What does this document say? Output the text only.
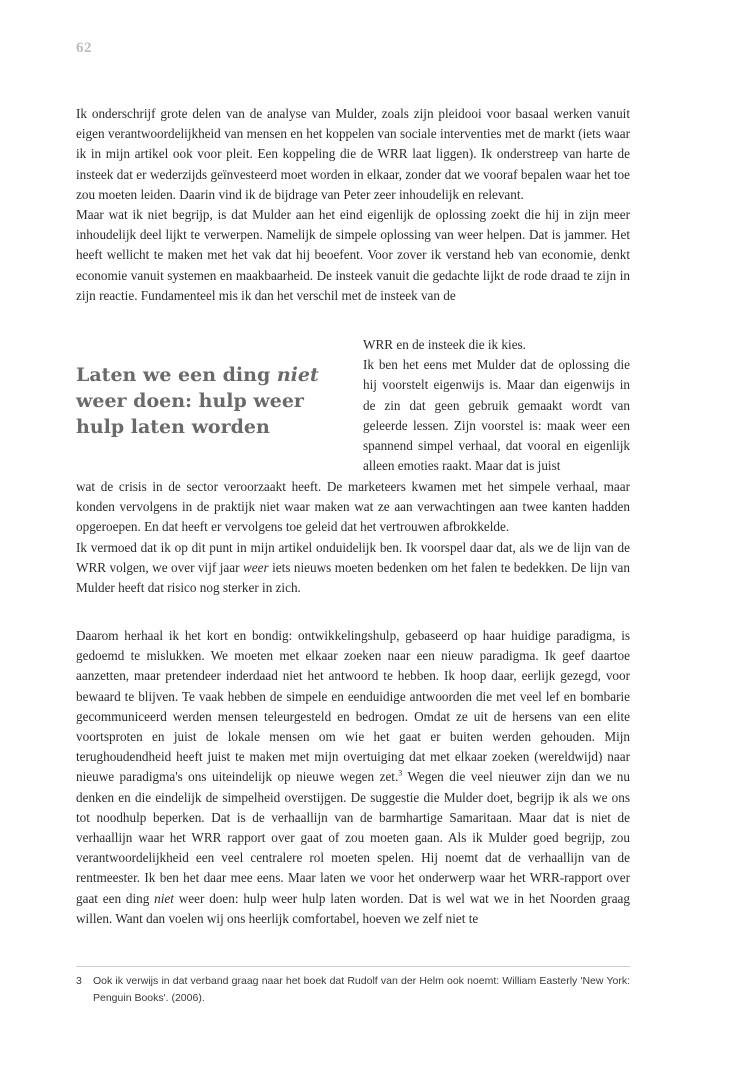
62

Ik onderschrijf grote delen van de analyse van Mulder, zoals zijn pleidooi voor basaal werken vanuit eigen verantwoordelijkheid van mensen en het koppelen van sociale interventies met de markt (iets waar ik in mijn artikel ook voor pleit. Een koppeling die de WRR laat liggen). Ik onderstreep van harte de insteek dat er wederzijds geïnvesteerd moet worden in elkaar, zonder dat we vooraf bepalen waar het toe zou moeten leiden. Daarin vind ik de bijdrage van Peter zeer inhoudelijk en relevant.

Maar wat ik niet begrijp, is dat Mulder aan het eind eigenlijk de oplossing zoekt die hij in zijn meer inhoudelijk deel lijkt te verwerpen. Namelijk de simpele oplossing van weer helpen. Dat is jammer. Het heeft wellicht te maken met het vak dat hij beoefent. Voor zover ik verstand heb van economie, denkt economie vanuit systemen en maakbaarheid. De insteek vanuit die gedachte lijkt de rode draad te zijn in zijn reactie. Fundamenteel mis ik dan het verschil met de insteek van de

Laten we een ding niet weer doen: hulp weer hulp laten worden

WRR en de insteek die ik kies.

Ik ben het eens met Mulder dat de oplossing die hij voorstelt eigenwijs is. Maar dan eigenwijs in de zin dat geen gebruik gemaakt wordt van geleerde lessen. Zijn voorstel is: maak weer een spannend simpel verhaal, dat vooral en eigenlijk alleen emoties raakt. Maar dat is juist

wat de crisis in de sector veroorzaakt heeft. De marketeers kwamen met het simpele verhaal, maar konden vervolgens in de praktijk niet waar maken wat ze aan verwachtingen aan twee kanten hadden opgeroepen. En dat heeft er vervolgens toe geleid dat het vertrouwen afbrokkelde.

Ik vermoed dat ik op dit punt in mijn artikel onduidelijk ben. Ik voorspel daar dat, als we de lijn van de WRR volgen, we over vijf jaar weer iets nieuws moeten bedenken om het falen te bedekken. De lijn van Mulder heeft dat risico nog sterker in zich.

Daarom herhaal ik het kort en bondig: ontwikkelingshulp, gebaseerd op haar huidige paradigma, is gedoemd te mislukken. We moeten met elkaar zoeken naar een nieuw paradigma. Ik geef daartoe aanzetten, maar pretendeer inderdaad niet het antwoord te hebben. Ik hoop daar, eerlijk gezegd, voor bewaard te blijven. Te vaak hebben de simpele en eenduidige antwoorden die met veel lef en bombarie gecommuniceerd werden mensen teleurgesteld en bedrogen. Omdat ze uit de hersens van een elite voortsproten en juist de lokale mensen om wie het gaat er buiten werden gehouden. Mijn terughoudendheid heeft juist te maken met mijn overtuiging dat met elkaar zoeken (wereldwijd) naar nieuwe paradigma's ons uiteindelijk op nieuwe wegen zet.$^3$ Wegen die veel nieuwer zijn dan we nu denken en die eindelijk de simpelheid overstijgen. De suggestie die Mulder doet, begrijp ik als we ons tot noodhulp beperken. Dat is de verhaallijn van de barmhartige Samaritaan. Maar dat is niet de verhaallijn waar het WRR rapport over gaat of zou moeten gaan. Als ik Mulder goed begrijp, zou verantwoordelijkheid een veel centralere rol moeten spelen. Hij noemt dat de verhaallijn van de rentmeester. Ik ben het daar mee eens. Maar laten we voor het onderwerp waar het WRR-rapport over gaat een ding niet weer doen: hulp weer hulp laten worden. Dat is wel wat we in het Noorden graag willen. Want dan voelen wij ons heerlijk comfortabel, hoeven we zelf niet te

3 Ook ik verwijs in dat verband graag naar het boek dat Rudolf van der Helm ook noemt: William Easterly 'New York: Penguin Books'. (2006).
